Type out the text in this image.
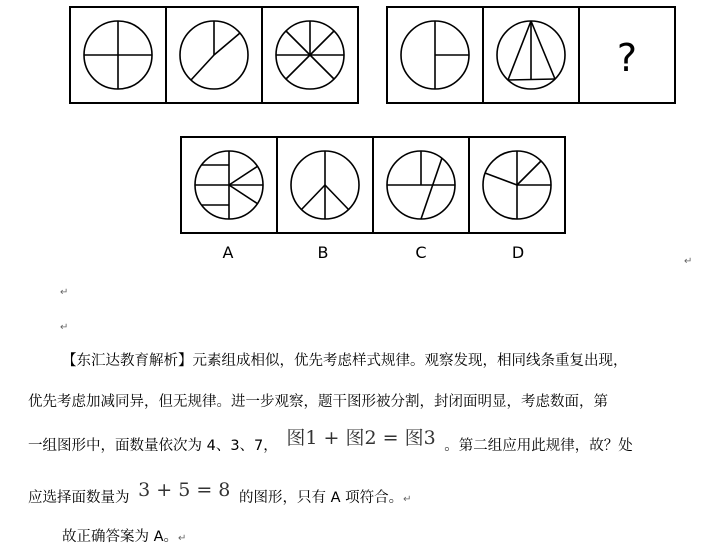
?
A	B	C	D	↵
↵
↵
【东汇达教育解析】元素组成相似，优先考虑样式规律。观察发现，相同线条重复出现，
优先考虑加减同异，但无规律。进一步观察，题干图形被分割，封闭面明显，考虑数面，第
一组图形中，面数量依次为 4、3、7， 图1 + 图2 = 图3 。第二组应用此规律，故？处
应选择面数量为 3 + 5 = 8 的图形，只有 A 项符合。↵
故正确答案为 A。↵
